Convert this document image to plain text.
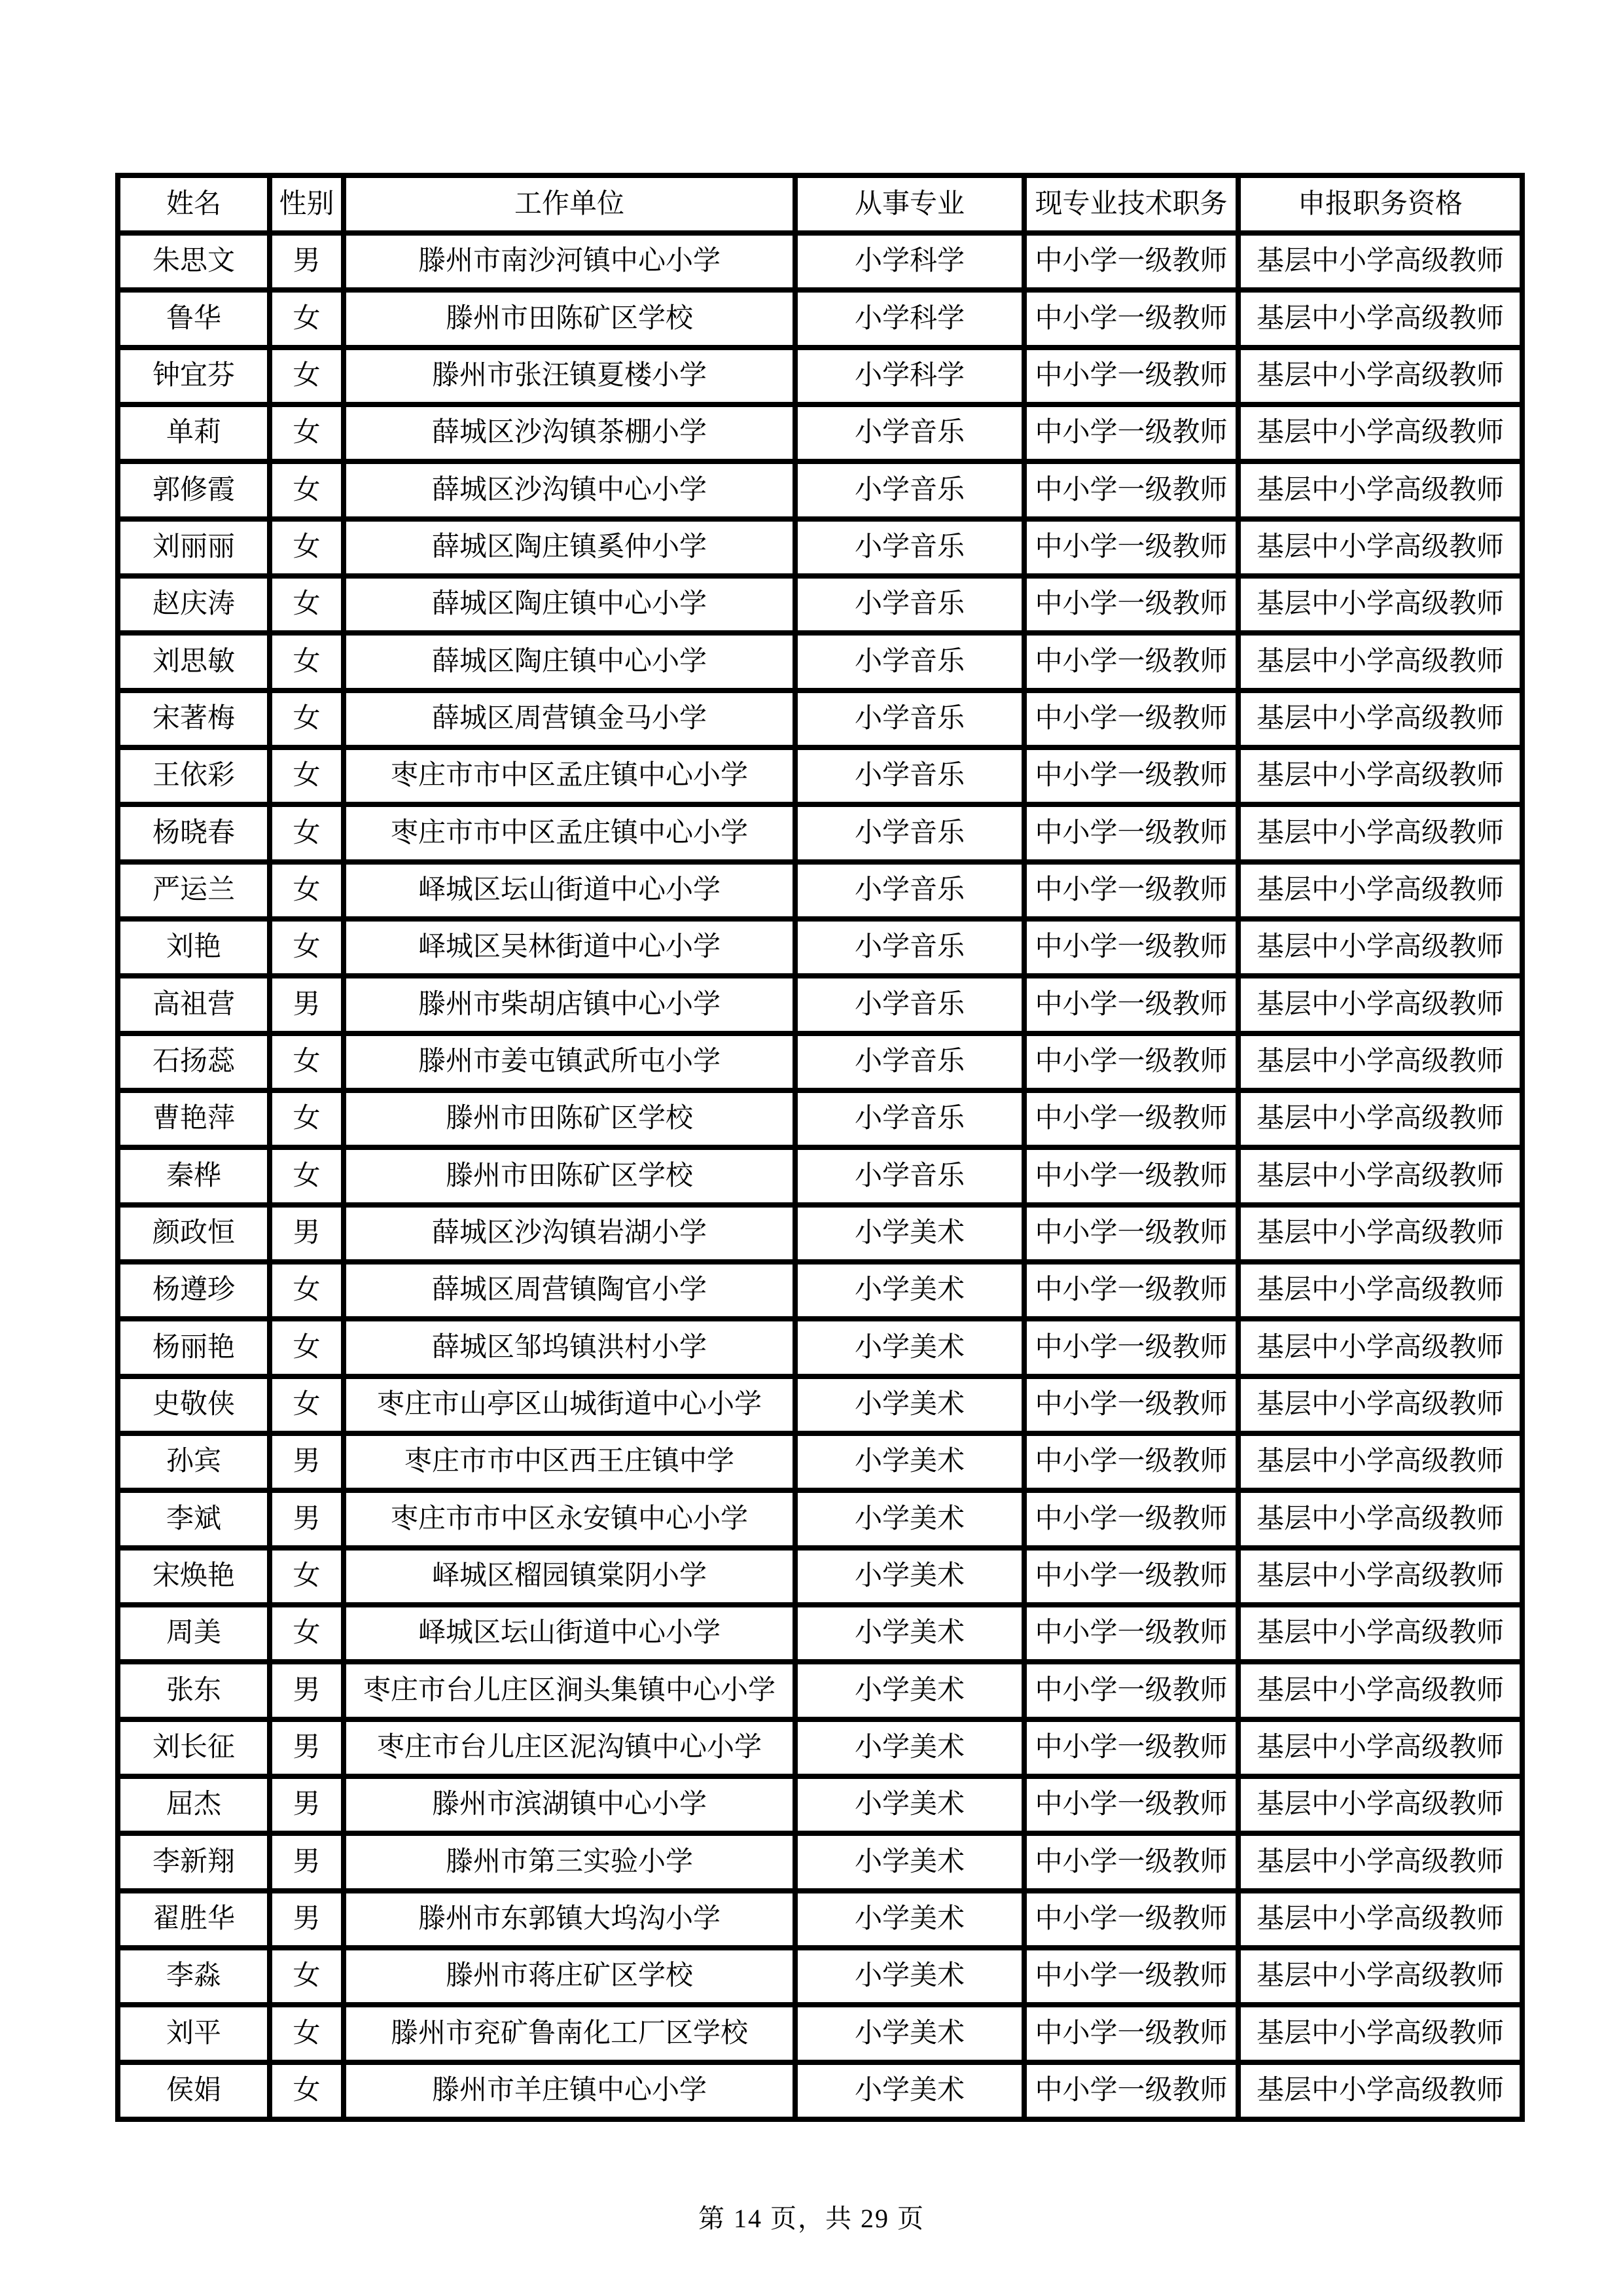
姓名	性别	工作单位	从事专业	现专业技术职务	申报职务资格
朱思文	男	滕州市南沙河镇中心小学	小学科学	中小学一级教师	基层中小学高级教师
鲁华	女	滕州市田陈矿区学校	小学科学	中小学一级教师	基层中小学高级教师
钟宜芬	女	滕州市张汪镇夏楼小学	小学科学	中小学一级教师	基层中小学高级教师
单莉	女	薛城区沙沟镇茶棚小学	小学音乐	中小学一级教师	基层中小学高级教师
郭修霞	女	薛城区沙沟镇中心小学	小学音乐	中小学一级教师	基层中小学高级教师
刘丽丽	女	薛城区陶庄镇奚仲小学	小学音乐	中小学一级教师	基层中小学高级教师
赵庆涛	女	薛城区陶庄镇中心小学	小学音乐	中小学一级教师	基层中小学高级教师
刘思敏	女	薛城区陶庄镇中心小学	小学音乐	中小学一级教师	基层中小学高级教师
宋著梅	女	薛城区周营镇金马小学	小学音乐	中小学一级教师	基层中小学高级教师
王依彩	女	枣庄市市中区孟庄镇中心小学	小学音乐	中小学一级教师	基层中小学高级教师
杨晓春	女	枣庄市市中区孟庄镇中心小学	小学音乐	中小学一级教师	基层中小学高级教师
严运兰	女	峄城区坛山街道中心小学	小学音乐	中小学一级教师	基层中小学高级教师
刘艳	女	峄城区吴林街道中心小学	小学音乐	中小学一级教师	基层中小学高级教师
高祖营	男	滕州市柴胡店镇中心小学	小学音乐	中小学一级教师	基层中小学高级教师
石扬蕊	女	滕州市姜屯镇武所屯小学	小学音乐	中小学一级教师	基层中小学高级教师
曹艳萍	女	滕州市田陈矿区学校	小学音乐	中小学一级教师	基层中小学高级教师
秦桦	女	滕州市田陈矿区学校	小学音乐	中小学一级教师	基层中小学高级教师
颜政恒	男	薛城区沙沟镇岩湖小学	小学美术	中小学一级教师	基层中小学高级教师
杨遵珍	女	薛城区周营镇陶官小学	小学美术	中小学一级教师	基层中小学高级教师
杨丽艳	女	薛城区邹坞镇洪村小学	小学美术	中小学一级教师	基层中小学高级教师
史敬侠	女	枣庄市山亭区山城街道中心小学	小学美术	中小学一级教师	基层中小学高级教师
孙宾	男	枣庄市市中区西王庄镇中学	小学美术	中小学一级教师	基层中小学高级教师
李斌	男	枣庄市市中区永安镇中心小学	小学美术	中小学一级教师	基层中小学高级教师
宋焕艳	女	峄城区榴园镇棠阴小学	小学美术	中小学一级教师	基层中小学高级教师
周美	女	峄城区坛山街道中心小学	小学美术	中小学一级教师	基层中小学高级教师
张东	男	枣庄市台儿庄区涧头集镇中心小学	小学美术	中小学一级教师	基层中小学高级教师
刘长征	男	枣庄市台儿庄区泥沟镇中心小学	小学美术	中小学一级教师	基层中小学高级教师
屈杰	男	滕州市滨湖镇中心小学	小学美术	中小学一级教师	基层中小学高级教师
李新翔	男	滕州市第三实验小学	小学美术	中小学一级教师	基层中小学高级教师
翟胜华	男	滕州市东郭镇大坞沟小学	小学美术	中小学一级教师	基层中小学高级教师
李淼	女	滕州市蒋庄矿区学校	小学美术	中小学一级教师	基层中小学高级教师
刘平	女	滕州市兖矿鲁南化工厂区学校	小学美术	中小学一级教师	基层中小学高级教师
侯娟	女	滕州市羊庄镇中心小学	小学美术	中小学一级教师	基层中小学高级教师
第 14 页，共 29 页
